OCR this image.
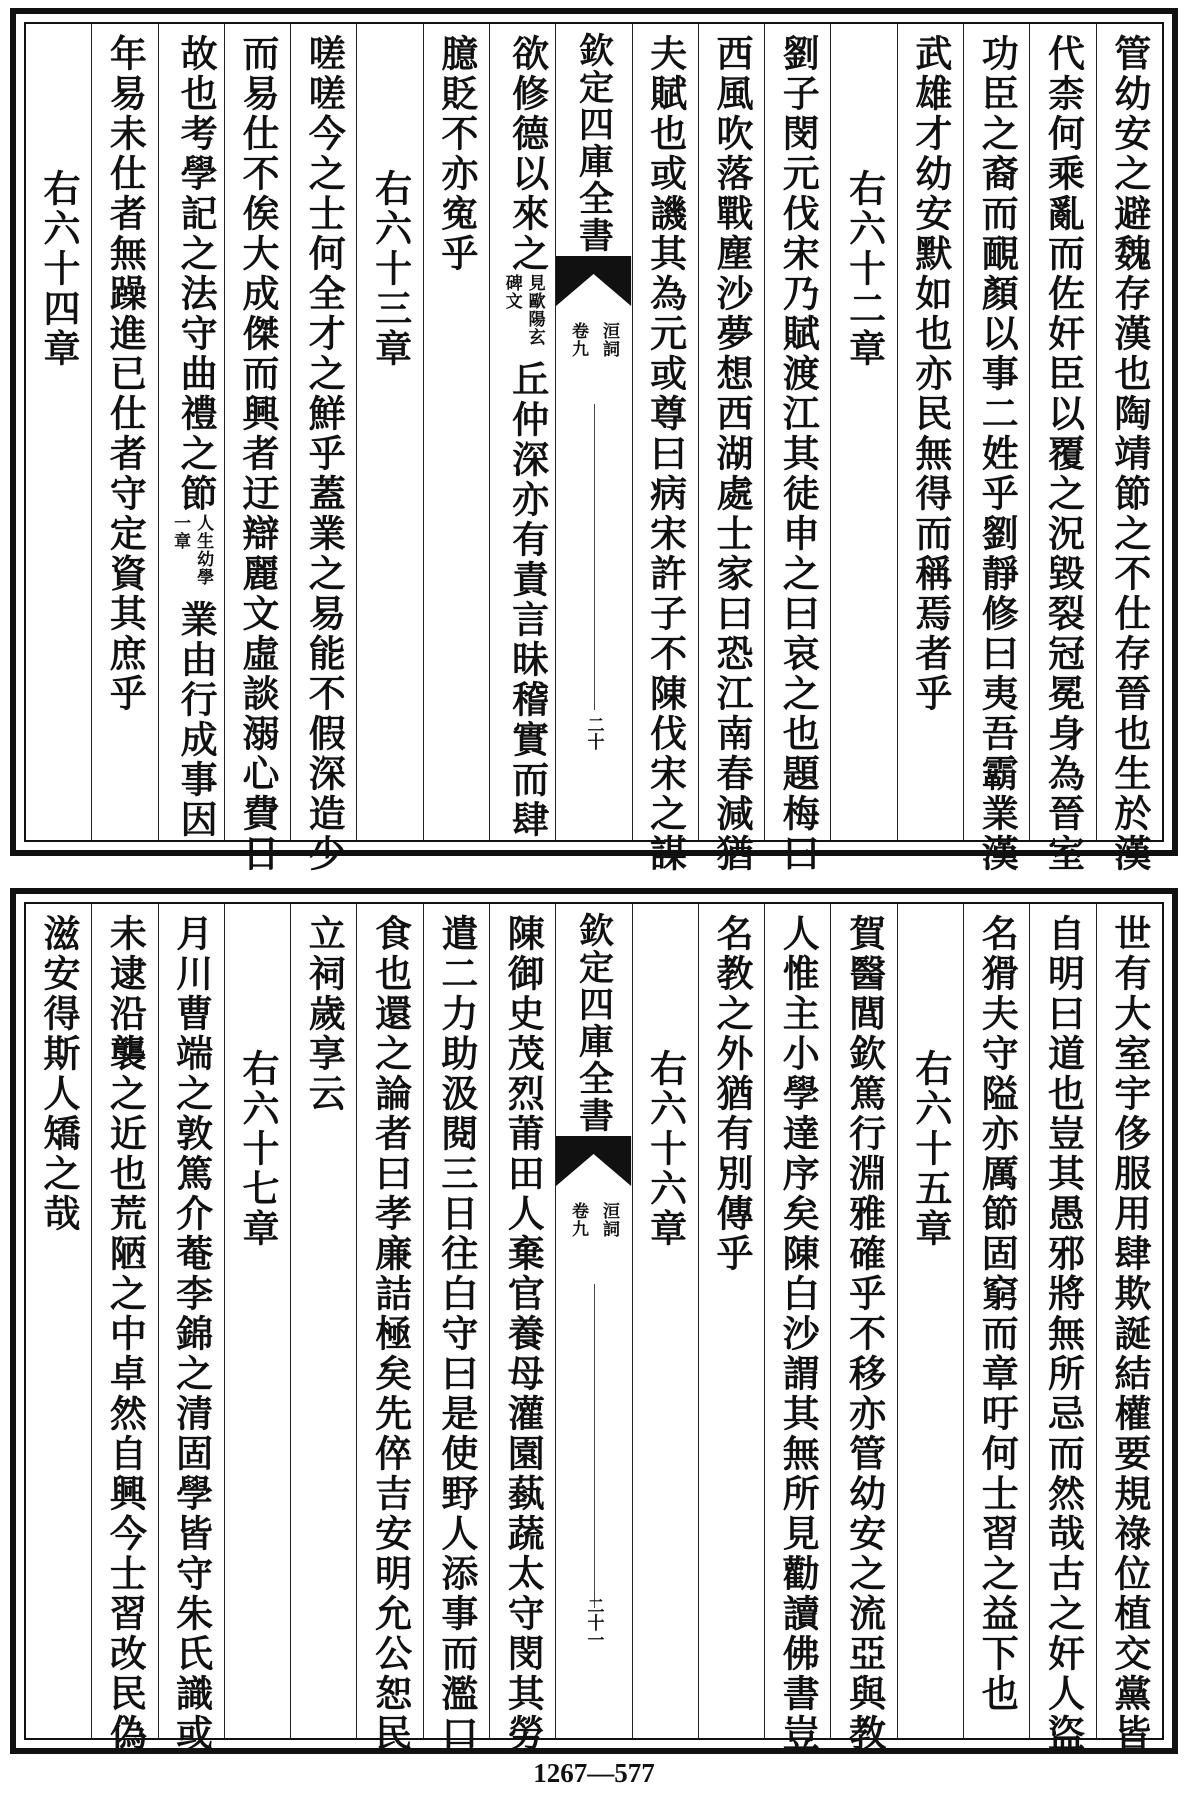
管幼安之避魏存漢也陶靖節之不仕存晉也生於漢
代柰何乘亂而佐奸臣以覆之況毀裂冠冕身為晉室
功臣之裔而靦顏以事二姓乎劉靜修曰夷吾霸業漢
武雄才幼安默如也亦民無得而稱焉者乎
右六十二章
劉子閔元伐宋乃賦渡江其徒申之曰哀之也題梅曰
西風吹落戰塵沙夢想西湖處士家曰恐江南春減猶
夫賦也或譏其為元或尊曰病宋許子不陳伐宋之謀
欽定四庫全書
卷九 洹詞
二十
欲修德以來之
見歐陽玄碑文
丘仲深亦有責言昧稽實而肆
臆貶不亦寃乎
右六十三章
嗟嗟今之士何全才之鮮乎蓋業之易能不假深造少
而易仕不俟大成傑而興者迂辯麗文虛談溺心費日
故也考學記之法守曲禮之節
人生幼學一章
業由行成事因
年易未仕者無躁進已仕者守定資其庶乎
右六十四章
世有大室宇侈服用肆欺誕結權要規祿位植交黨皆
自明曰道也豈其愚邪將無所忌而然哉古之奸人盜
名猾夫守隘亦厲節固窮而章吁何士習之益下也
右六十五章
賀醫閭欽篤行淵雅確乎不移亦管幼安之流亞與教
人惟主小學達序矣陳白沙謂其無所見勸讀佛書豈
名教之外猶有別傳乎
右六十六章
欽定四庫全書
卷九 洹詞
二十一
陳御史茂烈莆田人棄官養母灌園蓺蔬太守閔其勞
遣二力助汲閱三日往白守曰是使野人添事而濫口
食也還之論者曰孝廉詰極矣先倅吉安明允公恕民
立祠歲享云
右六十七章
月川曹端之敦篤介菴李錦之清固學皆守朱氏識或
未逮沿襲之近也荒陋之中卓然自興今士習改民偽
滋安得斯人矯之哉
1267—577
